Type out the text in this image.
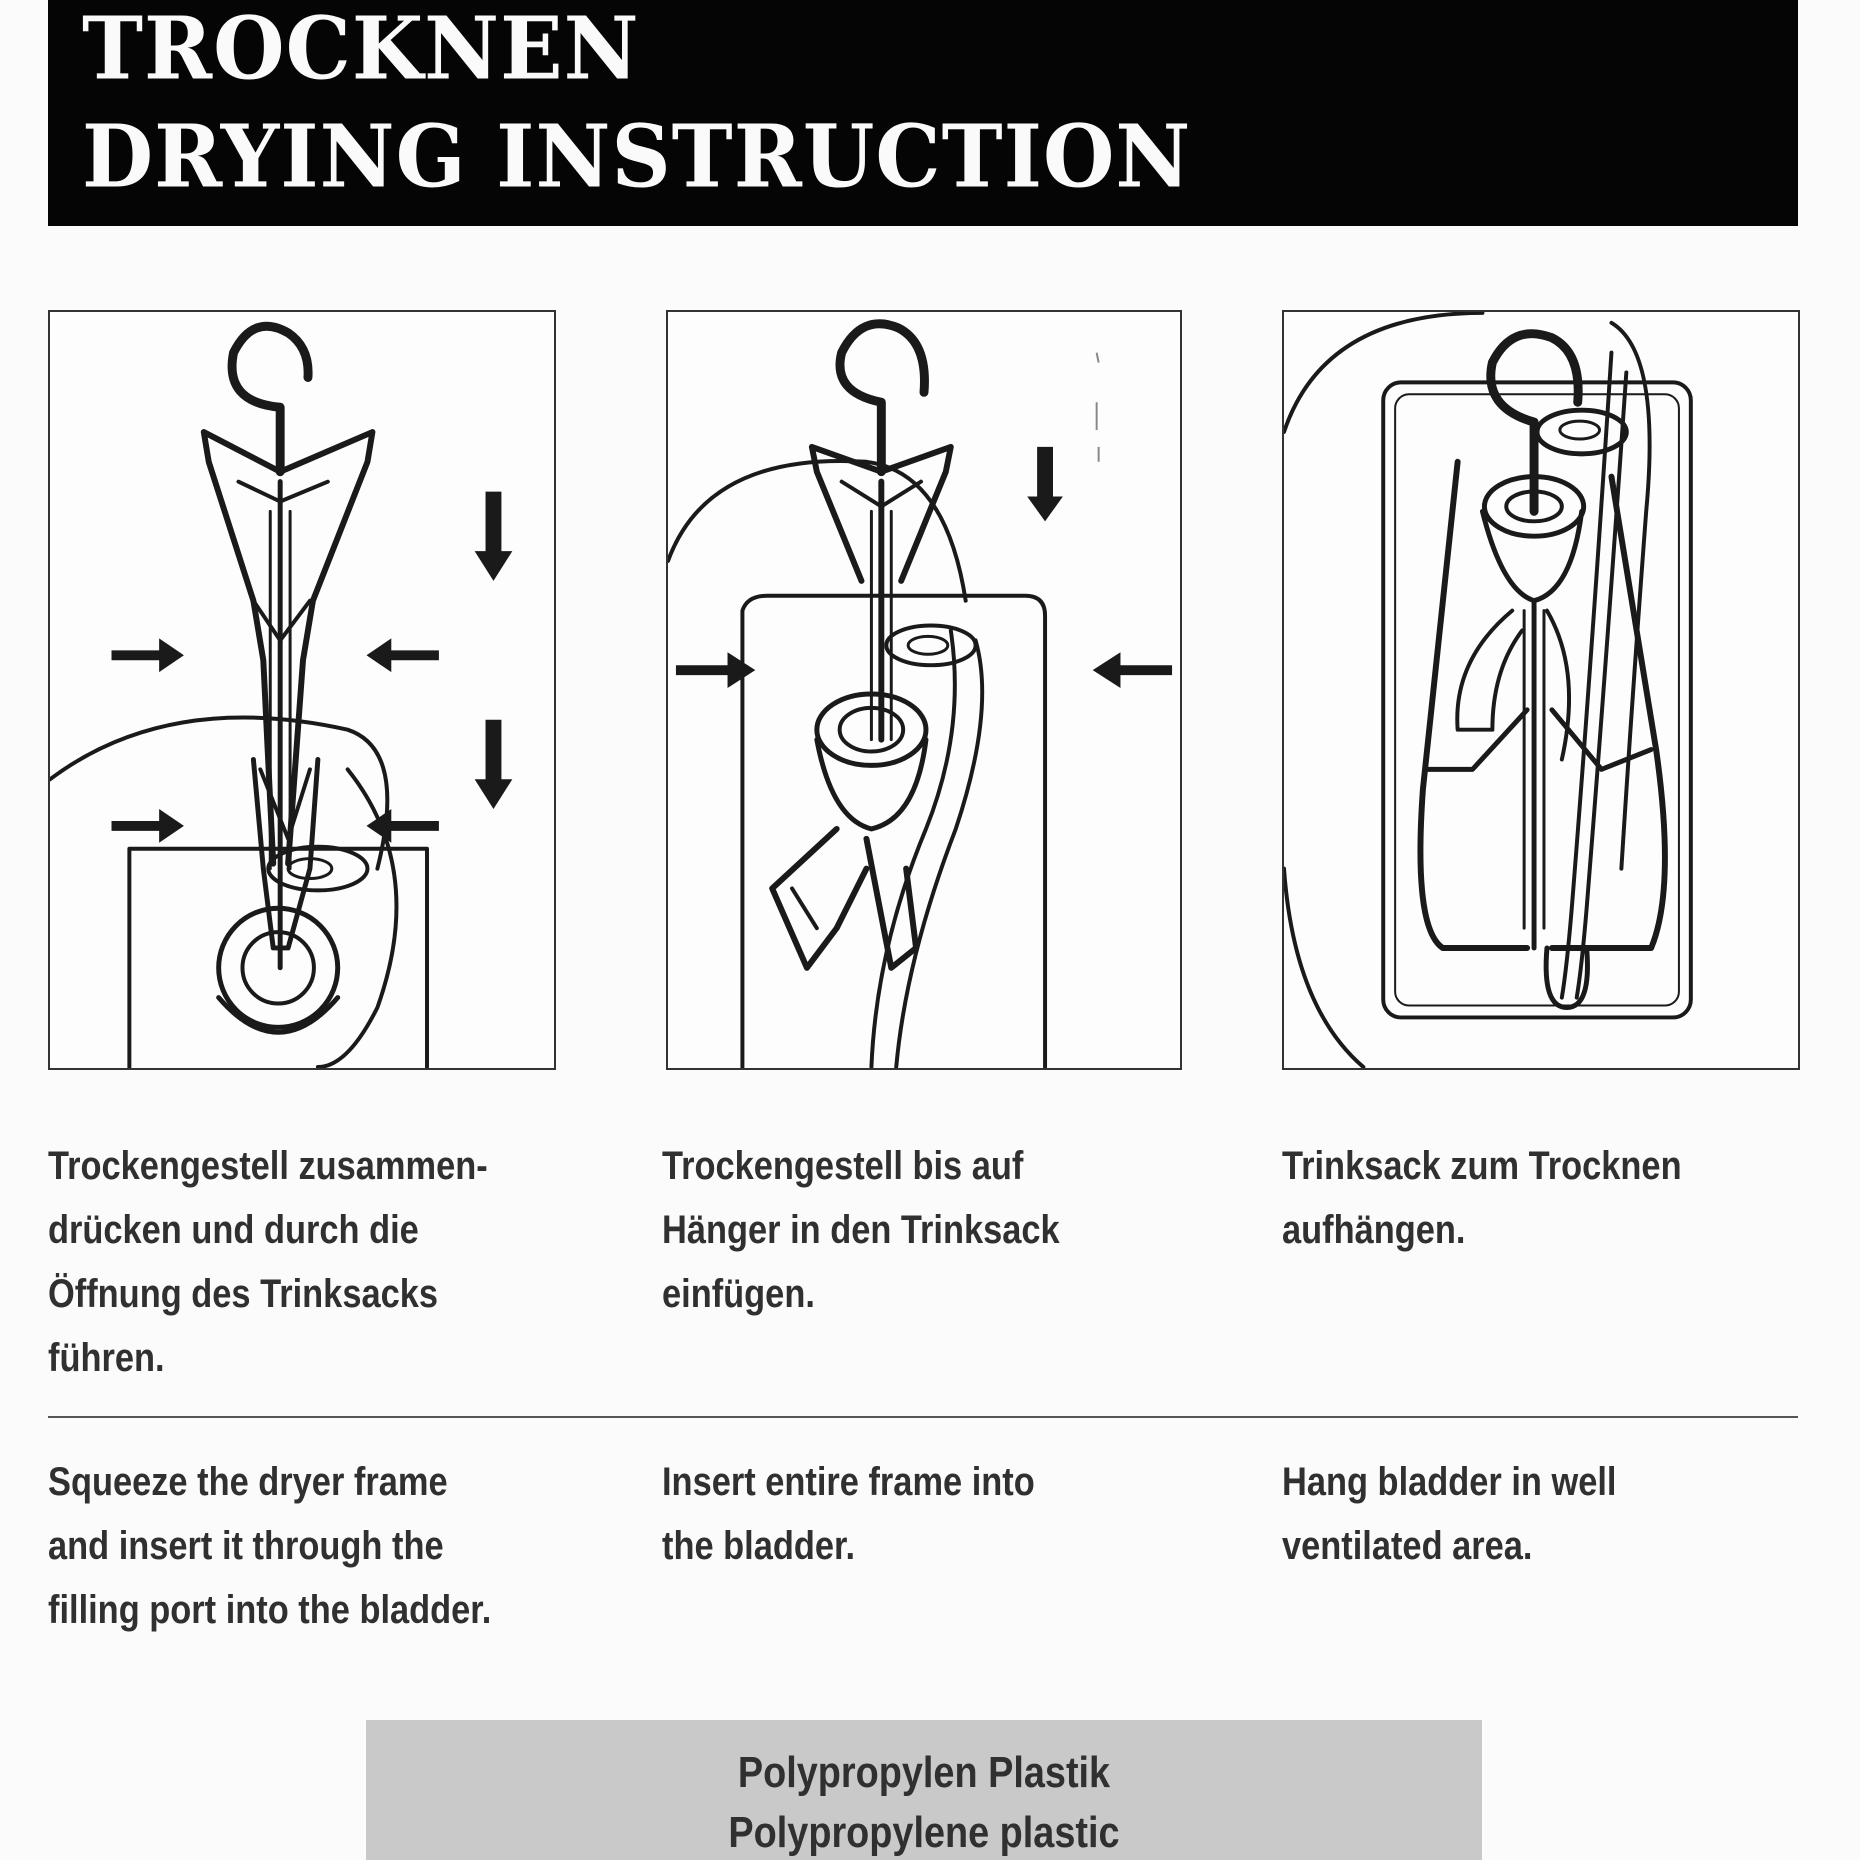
TROCKNEN
DRYING INSTRUCTION
Trockengestell zusammen-
drücken und durch die
Öffnung des Trinksacks
führen.
Trockengestell bis auf
Hänger in den Trinksack
einfügen.
Trinksack zum Trocknen
aufhängen.
Squeeze the dryer frame
and insert it through the
filling port into the bladder.
Insert entire frame into
the bladder.
Hang bladder in well
ventilated area.
Polypropylen Plastik
Polypropylene plastic
